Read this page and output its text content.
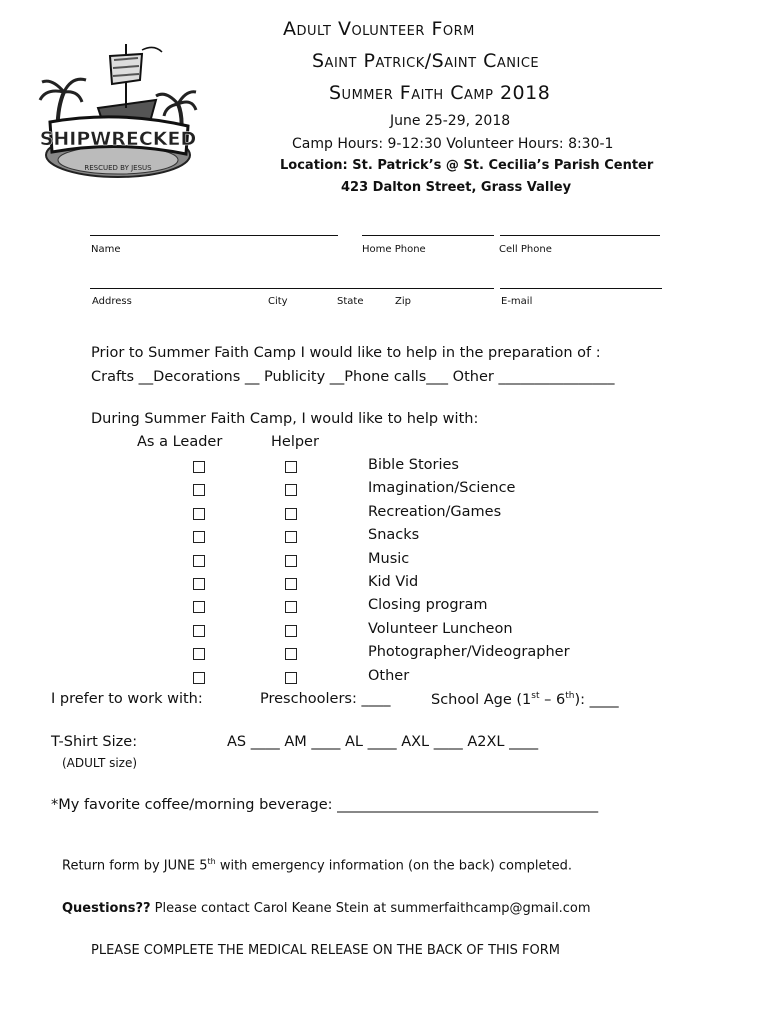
SHIPWRECKED
RESCUED BY JESUS
Adult Volunteer Form
Saint Patrick/Saint Canice
Summer Faith Camp 2018
June 25-29, 2018
Camp Hours: 9-12:30 Volunteer Hours: 8:30-1
Location: St. Patrick’s @ St. Cecilia’s Parish Center
423 Dalton Street, Grass Valley
Name	Home Phone	Cell Phone
Address	City	State	Zip	E-mail
Prior to Summer Faith Camp I would like to help in the preparation of :
Crafts __Decorations __ Publicity __Phone calls___ Other ________________
During Summer Faith Camp, I would like to help with:
As a Leader	Helper
Bible Stories
Imagination/Science
Recreation/Games
Snacks
Music
Kid Vid
Closing program
Volunteer Luncheon
Photographer/Videographer
Other
I prefer to work with:	Preschoolers: ____	School Age (1st – 6th): ____
T-Shirt Size:	AS ____ AM ____ AL ____ AXL ____ A2XL ____
(ADULT size)
*My favorite coffee/morning beverage: ____________________________________
Return form by JUNE 5th with emergency information (on the back) completed.
Questions?? Please contact Carol Keane Stein at summerfaithcamp@gmail.com
PLEASE COMPLETE THE MEDICAL RELEASE ON THE BACK OF THIS FORM
